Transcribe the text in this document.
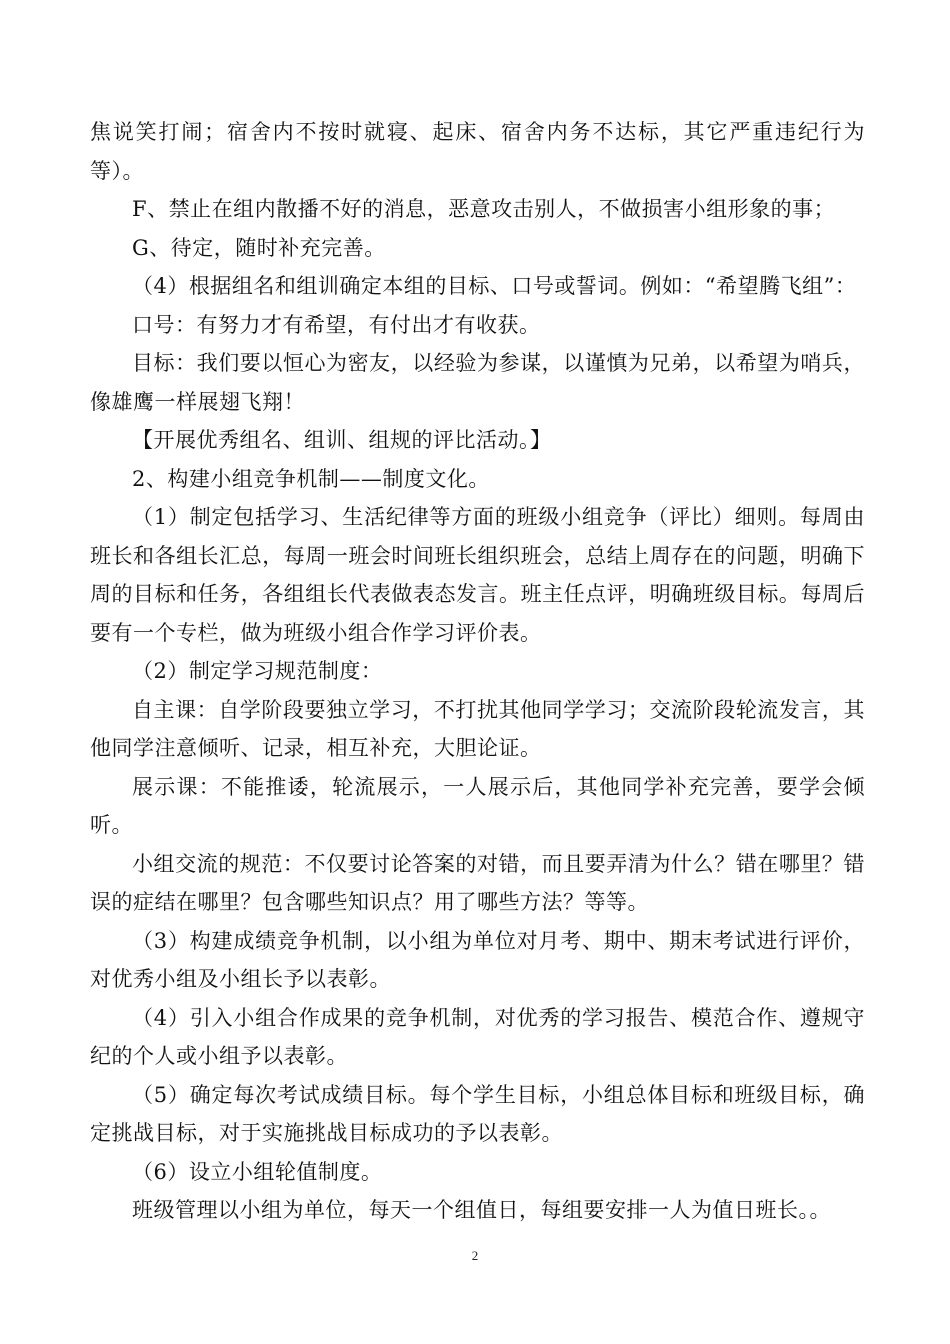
焦说笑打闹；宿舍内不按时就寝、起床、宿舍内务不达标，其它严重违纪行为等）。

F、禁止在组内散播不好的消息，恶意攻击别人，不做损害小组形象的事；

G、待定，随时补充完善。

（4）根据组名和组训确定本组的目标、口号或誓词。例如：“希望腾飞组”：

口号：有努力才有希望，有付出才有收获。

目标：我们要以恒心为密友，以经验为参谋，以谨慎为兄弟，以希望为哨兵，像雄鹰一样展翅飞翔！

【开展优秀组名、组训、组规的评比活动。】

2、构建小组竞争机制——制度文化。

（1）制定包括学习、生活纪律等方面的班级小组竞争（评比）细则。每周由班长和各组长汇总，每周一班会时间班长组织班会，总结上周存在的问题，明确下周的目标和任务，各组组长代表做表态发言。班主任点评，明确班级目标。每周后要有一个专栏，做为班级小组合作学习评价表。

（2）制定学习规范制度：

自主课：自学阶段要独立学习，不打扰其他同学学习；交流阶段轮流发言，其他同学注意倾听、记录，相互补充，大胆论证。

展示课：不能推诿，轮流展示，一人展示后，其他同学补充完善，要学会倾听。

小组交流的规范：不仅要讨论答案的对错，而且要弄清为什么？错在哪里？错误的症结在哪里？包含哪些知识点？用了哪些方法？等等。

（3）构建成绩竞争机制，以小组为单位对月考、期中、期末考试进行评价，对优秀小组及小组长予以表彰。

（4）引入小组合作成果的竞争机制，对优秀的学习报告、模范合作、遵规守纪的个人或小组予以表彰。

（5）确定每次考试成绩目标。每个学生目标，小组总体目标和班级目标，确定挑战目标，对于实施挑战目标成功的予以表彰。

（6）设立小组轮值制度。

班级管理以小组为单位，每天一个组值日，每组要安排一人为值日班长。。

2
